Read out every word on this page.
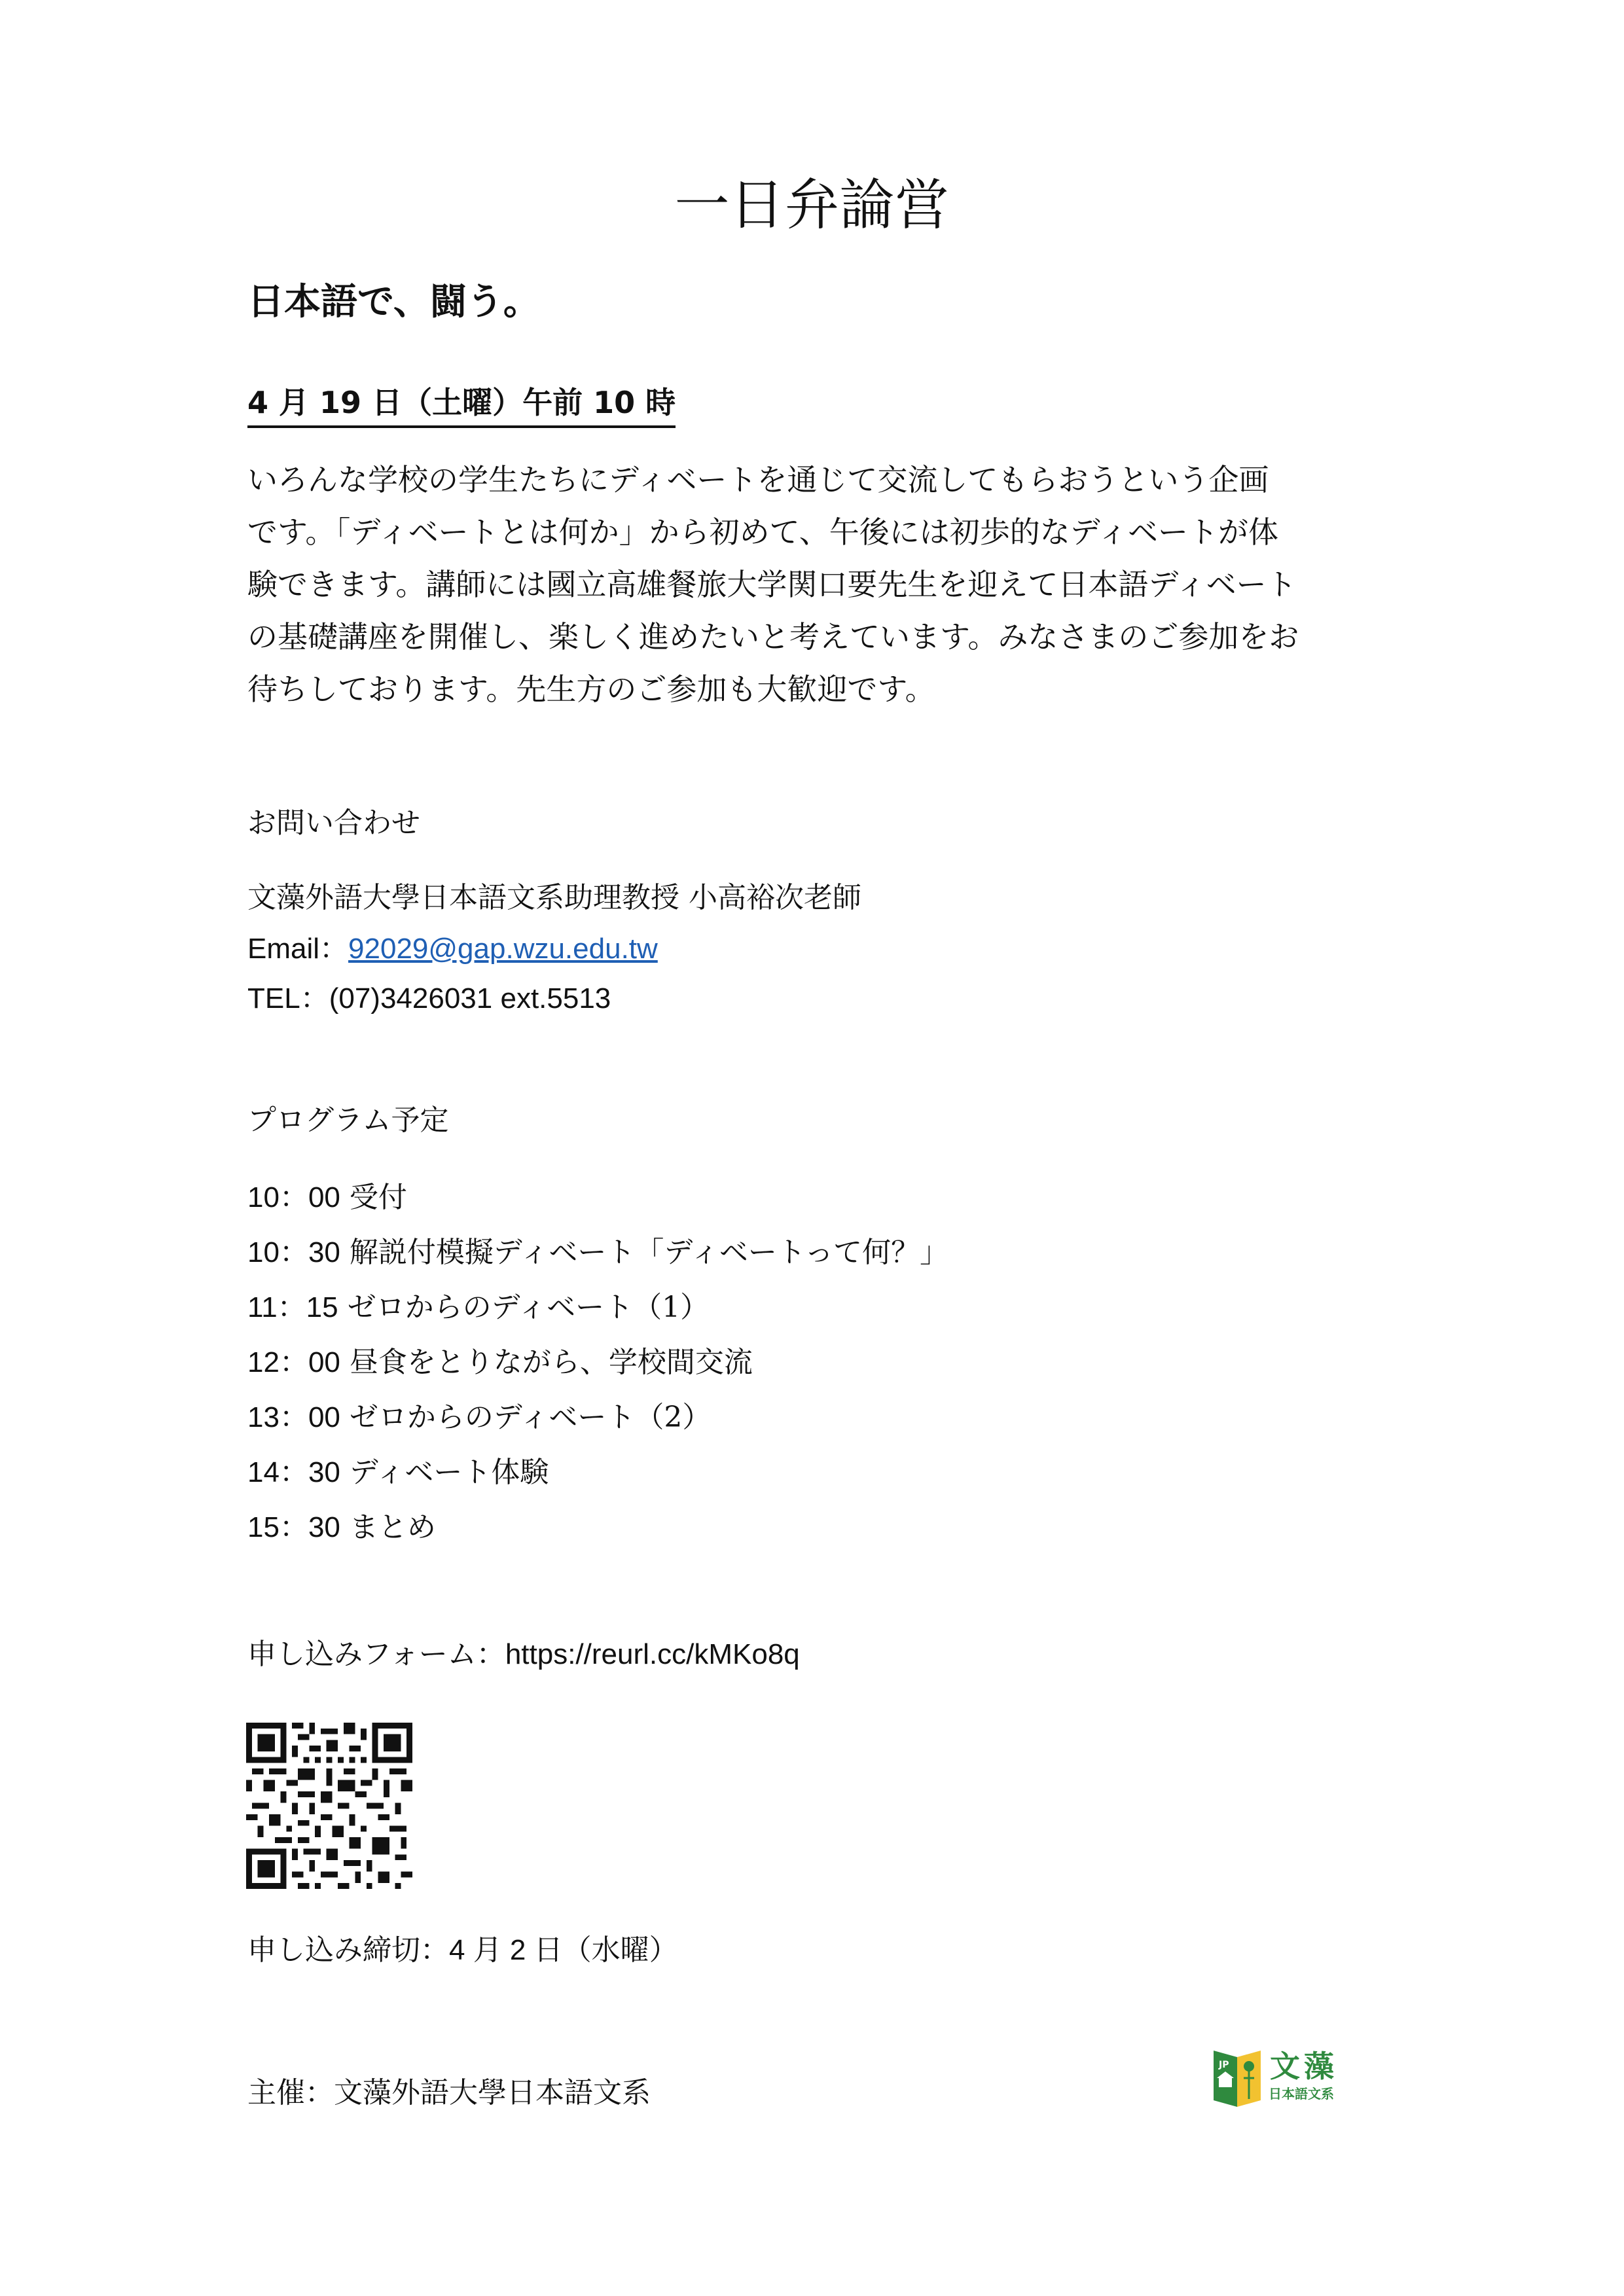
一日弁論営
日本語で、闘う。
4 月 19 日（土曜）午前 10 時
いろんな学校の学生たちにディベートを通じて交流してもらおうという企画
です。「ディベートとは何か」から初めて、午後には初歩的なディベートが体
験できます。講師には國立高雄餐旅大学関口要先生を迎えて日本語ディベート
の基礎講座を開催し、楽しく進めたいと考えています。みなさまのご参加をお
待ちしております。先生方のご参加も大歓迎です。
お問い合わせ
文藻外語大學日本語文系助理教授 小高裕次老師
Email：92029@gap.wzu.edu.tw
TEL：(07)3426031 ext.5513
プログラム予定
10：00 受付
10：30 解説付模擬ディベート「ディベートって何？」
11：15 ゼロからのディベート（1）
12：00 昼食をとりながら、学校間交流
13：00 ゼロからのディベート（2）
14：30 ディベート体験
15：30 まとめ
申し込みフォーム：https://reurl.cc/kMKo8q
申し込み締切：4 月 2 日（水曜）
主催：文藻外語大學日本語文系
JP 文藻
日本語文系
